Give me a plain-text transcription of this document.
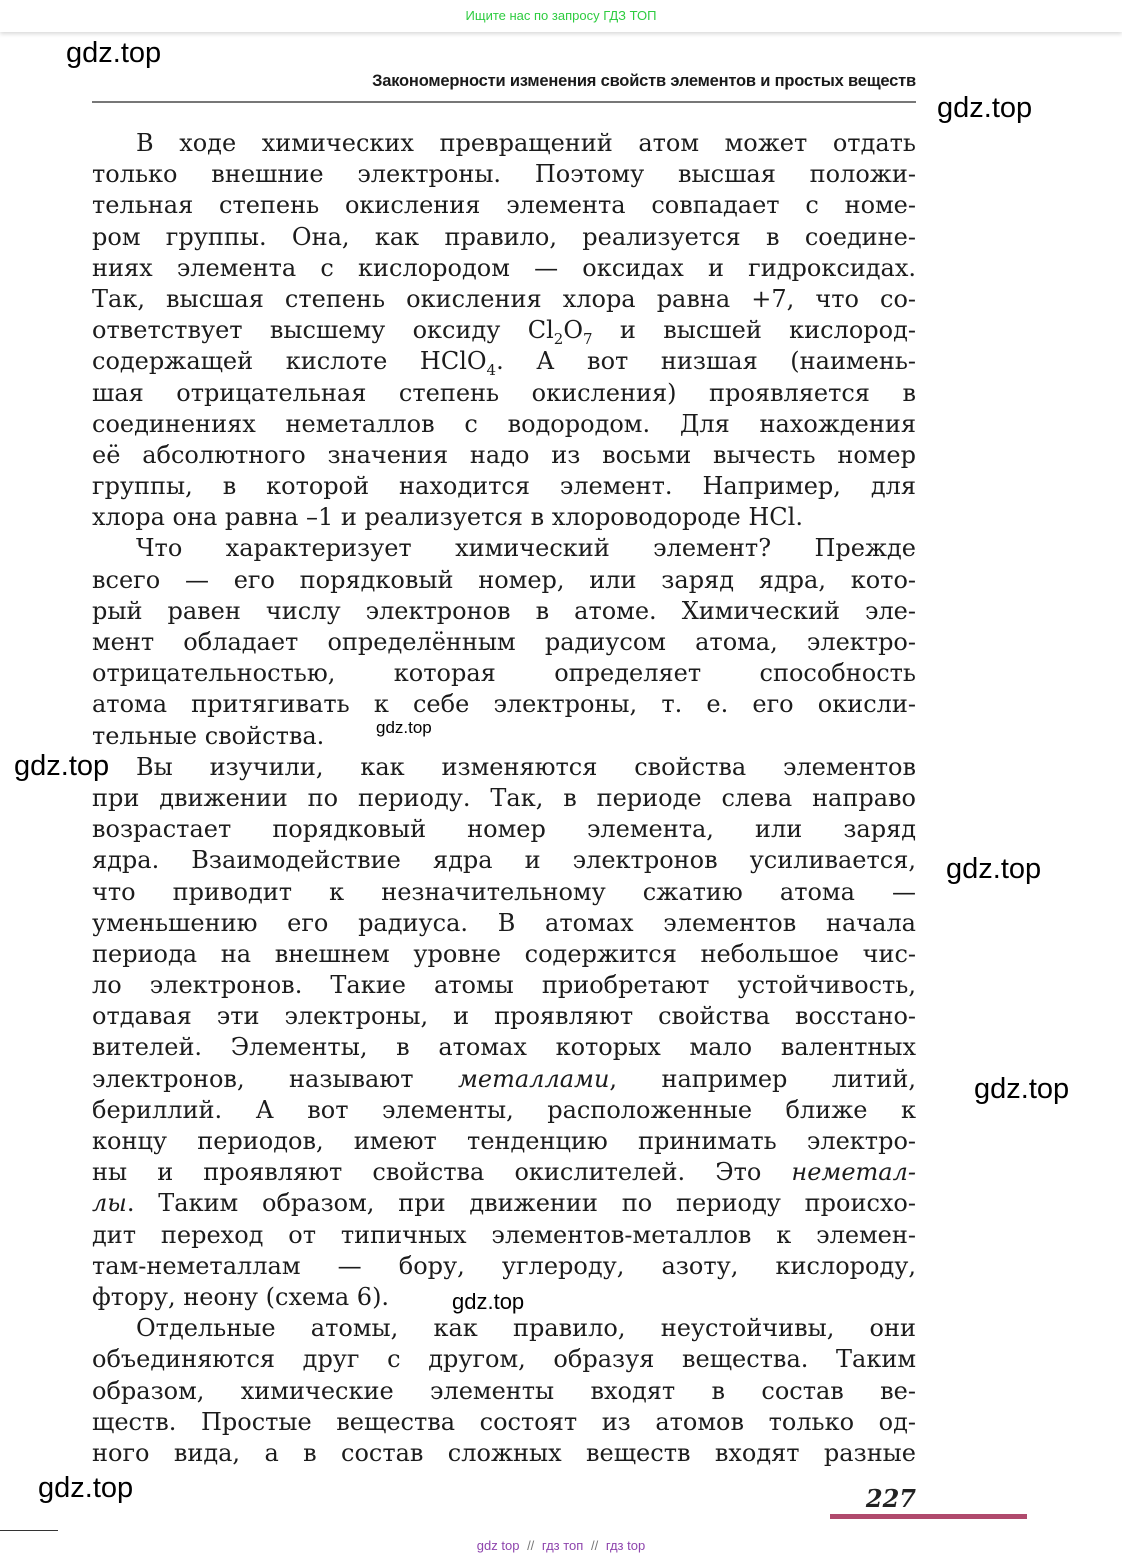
Ищите нас по запросу ГДЗ ТОП
Закономерности изменения свойств элементов и простых веществ
В ходе химических превращений атом может отдать
только внешние электроны. Поэтому высшая положи-
тельная степень окисления элемента совпадает с номе-
ром группы. Она, как правило, реализуется в соедине-
ниях элемента с кислородом — оксидах и гидроксидах.
Так, высшая степень окисления хлора равна +7, что со-
ответствует высшему оксиду $Cl_2O_7$ и высшей кислород-
содержащей кислоте HClO$_4$. А вот низшая (наимень-
шая отрицательная степень окисления) проявляется в
соединениях неметаллов с водородом. Для нахождения
её абсолютного значения надо из восьми вычесть номер
группы, в которой находится элемент. Например, для
хлора она равна –1 и реализуется в хлороводороде HCl.
Что характеризует химический элемент? Прежде
всего — его порядковый номер, или заряд ядра, кото-
рый равен числу электронов в атоме. Химический эле-
мент обладает определённым радиусом атома, электро-
отрицательностью, которая определяет способность
атома притягивать к себе электроны, т. е. его окисли-
тельные свойства.
Вы изучили, как изменяются свойства элементов
при движении по периоду. Так, в периоде слева направо
возрастает порядковый номер элемента, или заряд
ядра. Взаимодействие ядра и электронов усиливается,
что приводит к незначительному сжатию атома —
уменьшению его радиуса. В атомах элементов начала
периода на внешнем уровне содержится небольшое чис-
ло электронов. Такие атомы приобретают устойчивость,
отдавая эти электроны, и проявляют свойства восстано-
вителей. Элементы, в атомах которых мало валентных
электронов, называют металлами, например литий,
бериллий. А вот элементы, расположенные ближе к
концу периодов, имеют тенденцию принимать электро-
ны и проявляют свойства окислителей. Это неметал-
лы. Таким образом, при движении по периоду происхо-
дит переход от типичных элементов-металлов к элемен-
там-неметаллам — бору, углероду, азоту, кислороду,
фтору, неону (схема 6).
Отдельные атомы, как правило, неустойчивы, они
объединяются друг с другом, образуя вещества. Таким
образом, химические элементы входят в состав ве-
ществ. Простые вещества состоят из атомов только од-
ного вида, а в состав сложных веществ входят разные
gdz.top
gdz.top
gdz.top
gdz.top
gdz.top
gdz.top
gdz.top
gdz.top	227
gdz top // гдз топ // гдз top
